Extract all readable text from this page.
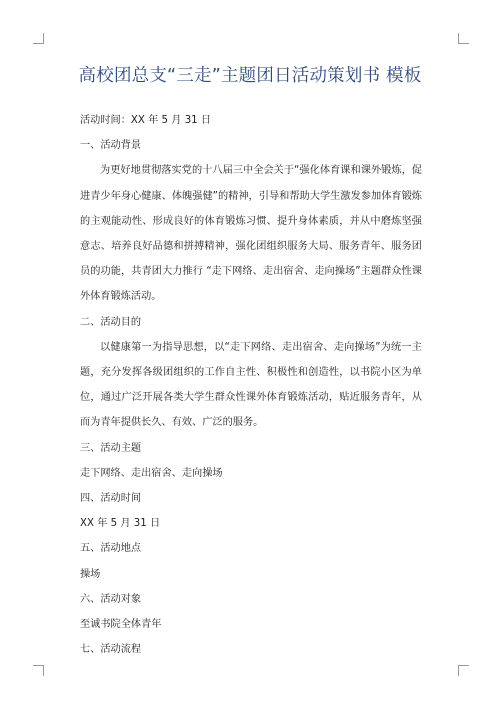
高校团总支“三走”主题团日活动策划书 模板
活动时间：XX 年 5 月 31 日
一、活动背景
为更好地贯彻落实党的十八届三中全会关于“强化体育课和课外锻炼，促进青少年身心健康、体魄强健”的精神，引导和帮助大学生激发参加体育锻炼的主观能动性、形成良好的体育锻炼习惯、提升身体素质，并从中磨炼坚强意志、培养良好品德和拼搏精神，强化团组织服务大局、服务青年、服务团员的功能，共青团大力推行 “走下网络、走出宿舍、走向操场”主题群众性课外体育锻炼活动。
二、活动目的
以健康第一为指导思想，以“走下网络、走出宿舍、走向操场”为统一主题，充分发挥各级团组织的工作自主性、积极性和创造性，以书院小区为单位，通过广泛开展各类大学生群众性课外体育锻炼活动，贴近服务青年，从而为青年提供长久、有效、广泛的服务。
三、活动主题
走下网络、走出宿舍、走向操场
四、活动时间
XX 年 5 月 31 日
五、活动地点
操场
六、活动对象
至诚书院全体青年
七、活动流程
